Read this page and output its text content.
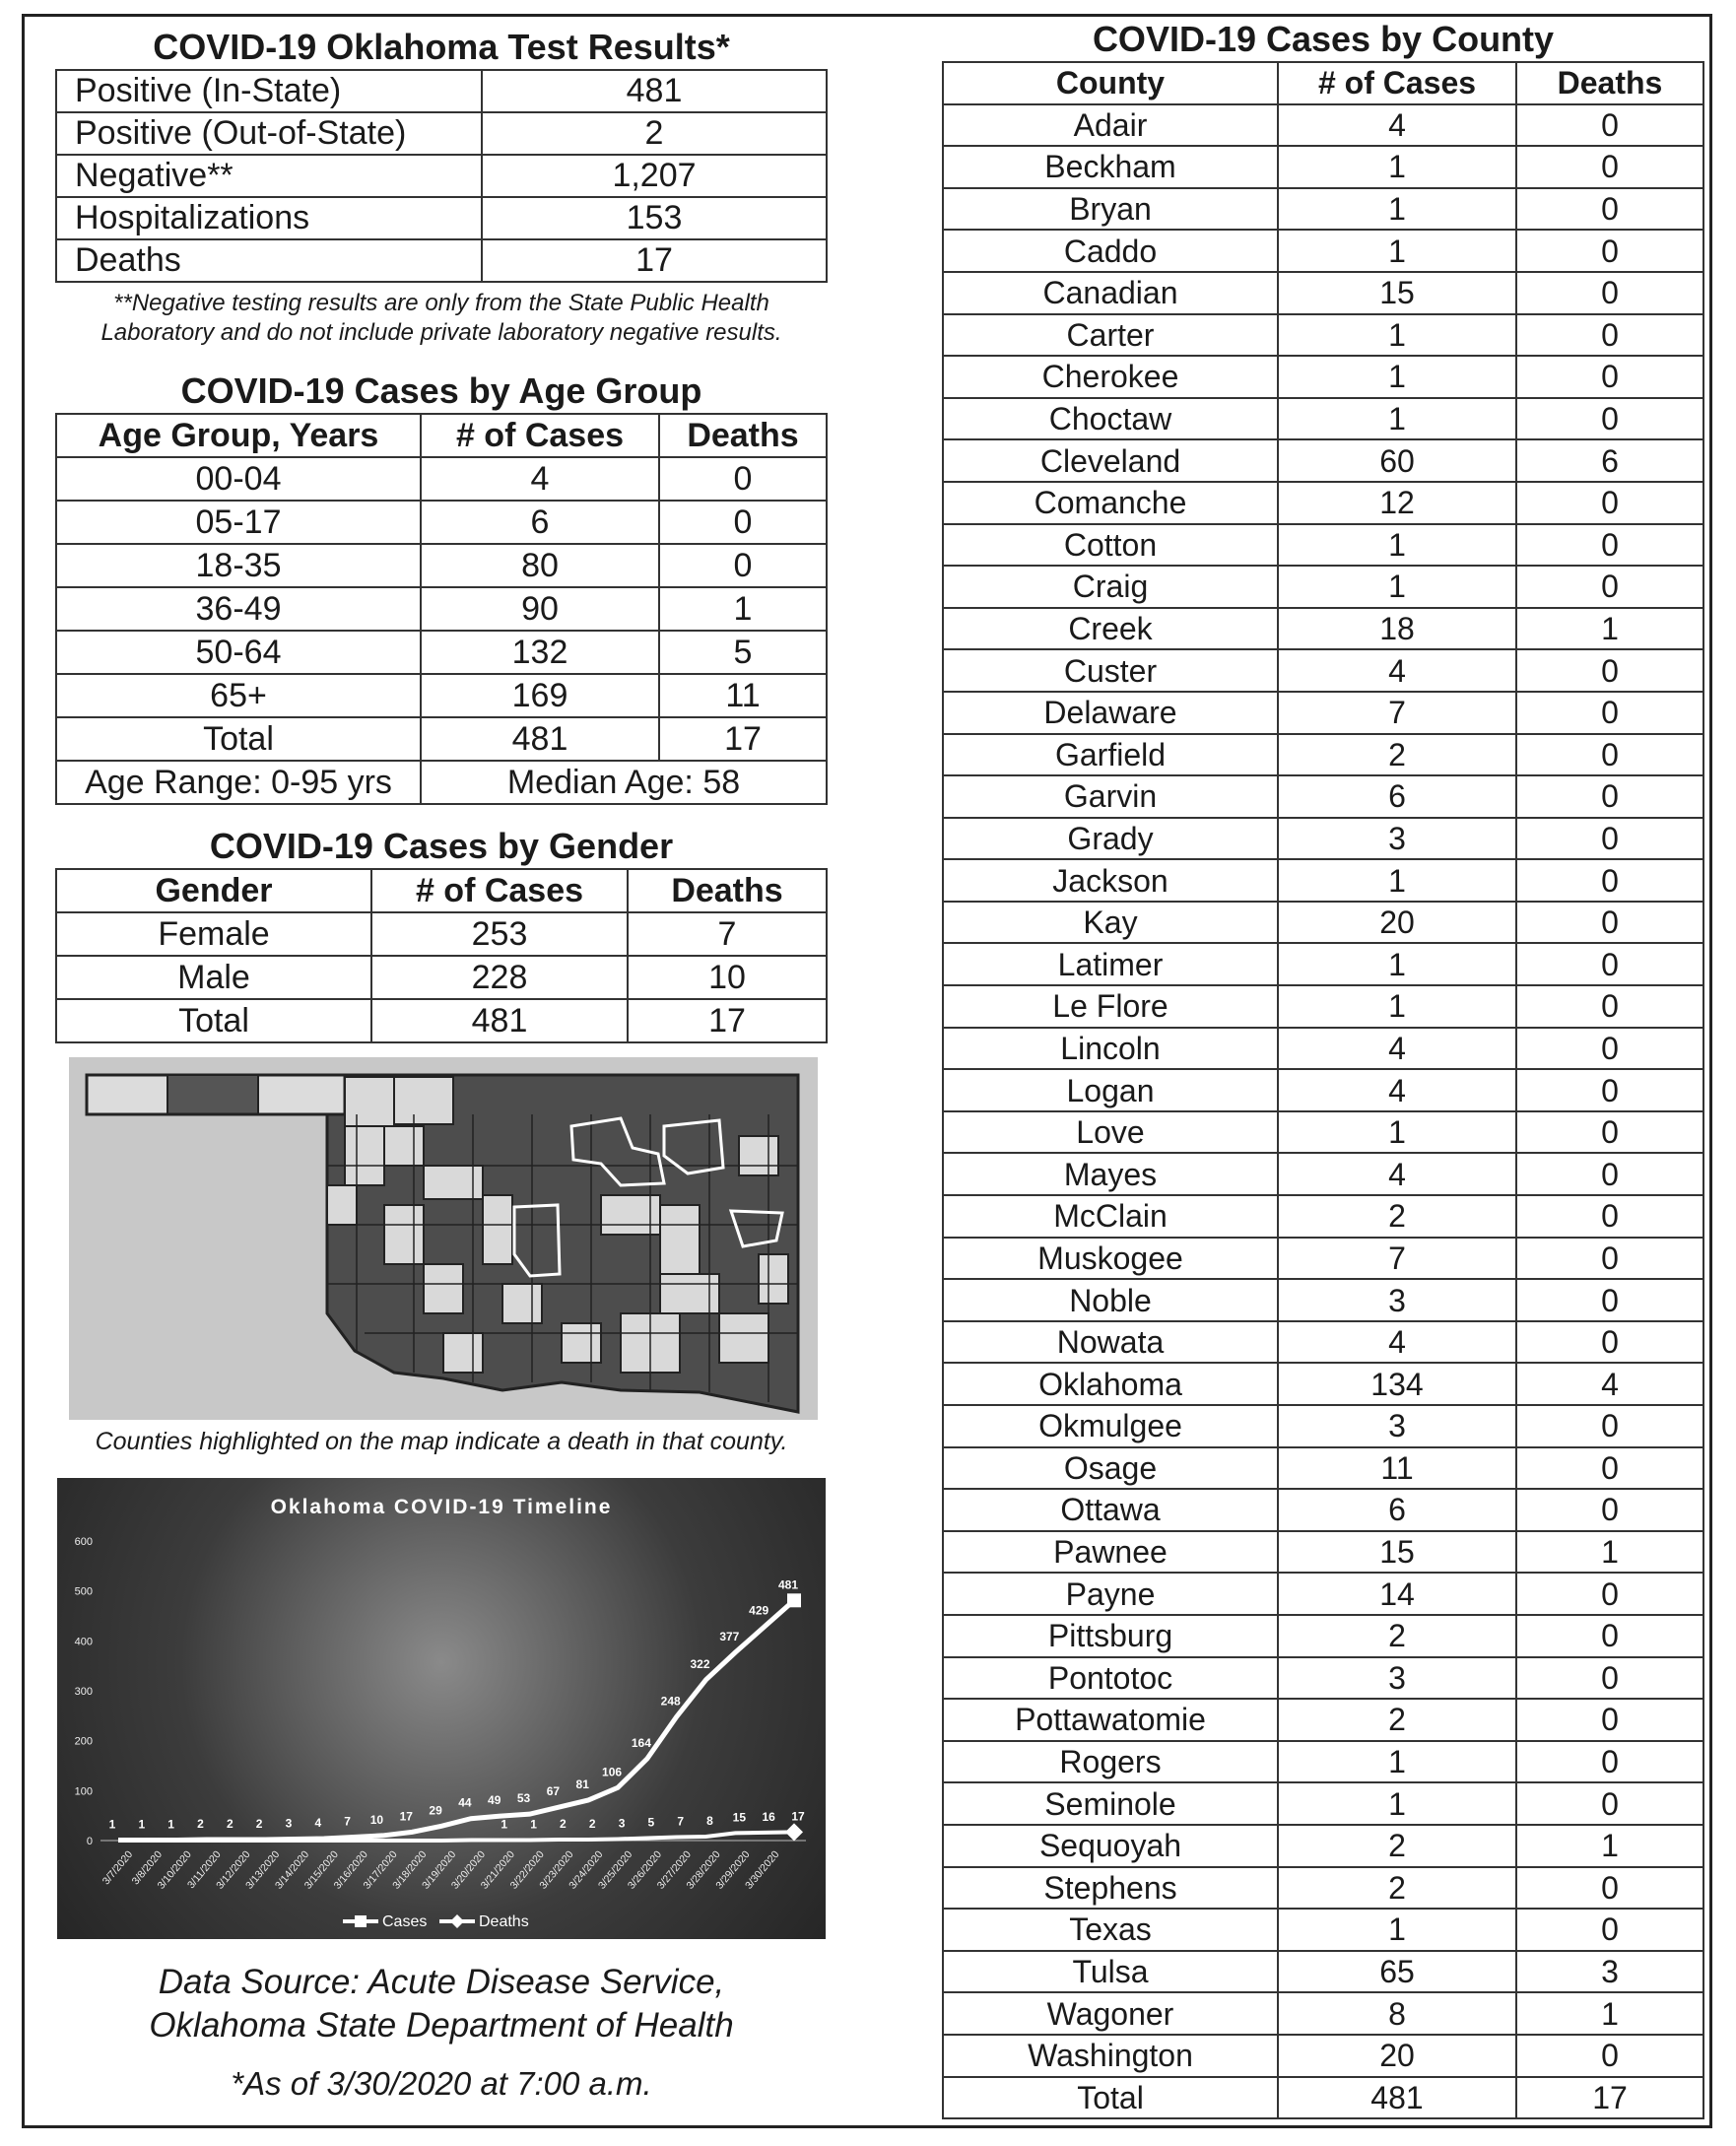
COVID-19 Oklahoma Test Results*
Positive (In-State)	481
Positive (Out-of-State)	2
Negative**	1,207
Hospitalizations	153
Deaths	17
**Negative testing results are only from the State Public Health
Laboratory and do not include private laboratory negative results.
COVID-19 Cases by Age Group
Age Group, Years	# of Cases	Deaths
00-04	4	0
05-17	6	0
18-35	80	0
36-49	90	1
50-64	132	5
65+	169	11
Total	481	17
Age Range: 0-95 yrs	Median Age: 58	
COVID-19 Cases by Gender
Gender	# of Cases	Deaths
Female	253	7
Male	228	10
Total	481	17
Counties highlighted on the map indicate a death in that county.
Oklahoma COVID-19 Timeline
0
100
200
300
400
500
600
3/7/2020
3/8/2020
3/10/2020
3/11/2020
3/12/2020
3/13/2020
3/14/2020
3/15/2020
3/16/2020
3/17/2020
3/18/2020
3/19/2020
3/20/2020
3/21/2020
3/22/2020
3/23/2020
3/24/2020
3/25/2020
3/26/2020
3/27/2020
3/28/2020
3/29/2020
3/30/2020
1 1 1 2 2 2 3 4 7 10 17 29
44 49 53
67
81
106
164
248
322
377
429
481
1 1 2 2 3 5 7 8 15 16 17
Cases	Deaths
Data Source: Acute Disease Service,
Oklahoma State Department of Health
*As of 3/30/2020 at 7:00 a.m.
COVID-19 Cases by County
County	# of Cases	Deaths
Adair	4	0
Beckham	1	0
Bryan	1	0
Caddo	1	0
Canadian	15	0
Carter	1	0
Cherokee	1	0
Choctaw	1	0
Cleveland	60	6
Comanche	12	0
Cotton	1	0
Craig	1	0
Creek	18	1
Custer	4	0
Delaware	7	0
Garfield	2	0
Garvin	6	0
Grady	3	0
Jackson	1	0
Kay	20	0
Latimer	1	0
Le Flore	1	0
Lincoln	4	0
Logan	4	0
Love	1	0
Mayes	4	0
McClain	2	0
Muskogee	7	0
Noble	3	0
Nowata	4	0
Oklahoma	134	4
Okmulgee	3	0
Osage	11	0
Ottawa	6	0
Pawnee	15	1
Payne	14	0
Pittsburg	2	0
Pontotoc	3	0
Pottawatomie	2	0
Rogers	1	0
Seminole	1	0
Sequoyah	2	1
Stephens	2	0
Texas	1	0
Tulsa	65	3
Wagoner	8	1
Washington	20	0
Total	481	17
